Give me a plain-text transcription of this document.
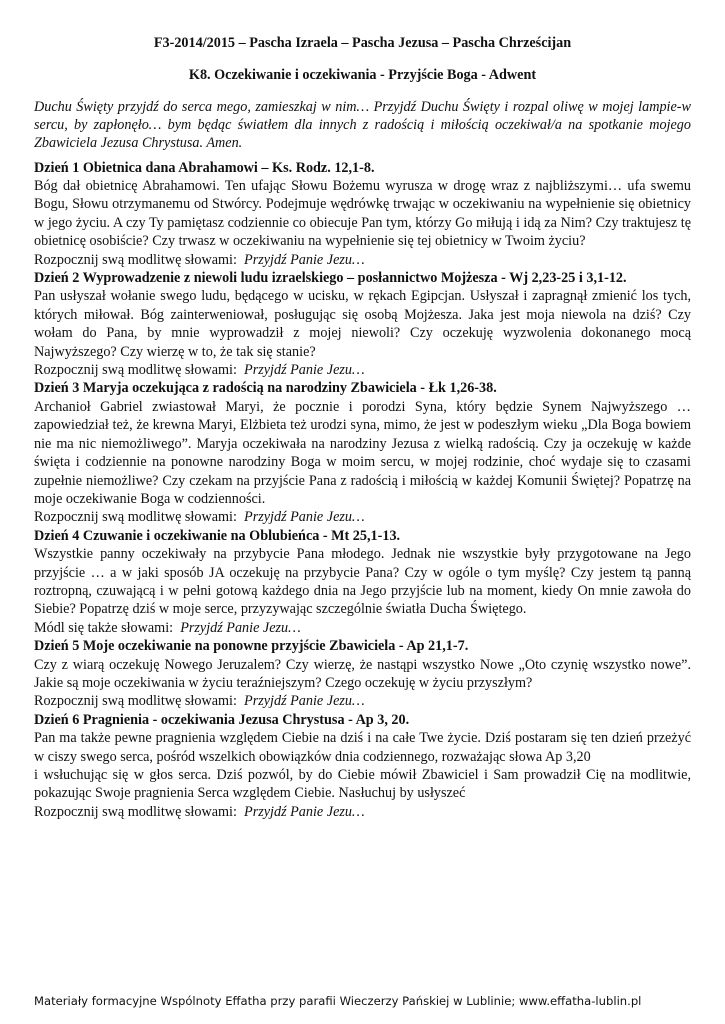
F3-2014/2015 – Pascha Izraela – Pascha Jezusa – Pascha Chrześcijan

K8. Oczekiwanie i oczekiwania - Przyjście Boga - Adwent

Duchu Święty przyjdź do serca mego, zamieszkaj w nim… Przyjdź Duchu Święty i rozpal oliwę w mojej lampie-w sercu, by zapłonęło… bym będąc światłem dla innych z radością i miłością oczekiwał/a na spotkanie mojego Zbawiciela Jezusa Chrystusa. Amen.

Dzień 1 Obietnica dana Abrahamowi – Ks. Rodz. 12,1-8.

Bóg dał obietnicę Abrahamowi. Ten ufając Słowu Bożemu wyruszа w drogę wraz z najbliższymi… ufa swemu Bogu, Słowu otrzymanemu od Stwórcy. Podejmuje wędrówkę trwając w oczekiwaniu na wypełnienie się obietnicy w jego życiu. A czy Ty pamiętasz codziennie co obiecuje Pan tym, którzy Go miłują i idą za Nim? Czy traktujesz tę obietnicę osobiście? Czy trwasz w oczekiwaniu na wypełnienie się tej obietnicy w Twoim życiu?

Rozpocznij swą modlitwę słowami: Przyjdź Panie Jezu…

Dzień 2 Wyprowadzenie z niewoli ludu izraelskiego – posłannictwo Mojżesza - Wj 2,23-25 i 3,1-12.

Pan usłyszał wołanie swego ludu, będącego w ucisku, w rękach Egipcjan. Usłyszał i zapragnął zmienić los tych, których miłował. Bóg zainterweniował, posługując się osobą Mojżesza. Jaka jest moja niewola na dziś? Czy wołam do Pana, by mnie wyprowadził z mojej niewoli? Czy oczekuję wyzwolenia dokonanego mocą Najwyższego? Czy wierzę w to, że tak się stanie?

Rozpocznij swą modlitwę słowami: Przyjdź Panie Jezu…

Dzień 3 Maryja oczekująca z radością na narodziny Zbawiciela - Łk 1,26-38.

Archanioł Gabriel zwiastował Maryi, że pocznie i porodzi Syna, który będzie Synem Najwyższego … zapowiedział też, że krewna Maryi, Elżbieta też urodzi syna, mimo, że jest w podeszłym wieku „Dla Boga bowiem nie ma nic niemożliwego”. Maryja oczekiwała na narodziny Jezusa z wielką radością. Czy ja oczekuję w każde święta i codziennie na ponowne narodziny Boga w moim sercu, w mojej rodzinie, choć wydaje się to czasami zupełnie niemożliwe? Czy czekam na przyjście Pana z radością i miłością w każdej Komunii Świętej? Popatrzę na moje oczekiwanie Boga w codzienności.

Rozpocznij swą modlitwę słowami: Przyjdź Panie Jezu…

Dzień 4 Czuwanie i oczekiwanie na Oblubieńca - Mt 25,1-13.

Wszystkie panny oczekiwały na przybycie Pana młodego. Jednak nie wszystkie były przygotowane na Jego przyjście … a w jaki sposób JA oczekuję na przybycie Pana? Czy w ogóle o tym myślę? Czy jestem tą panną roztropną, czuwającą i w pełni gotową każdego dnia na Jego przyjście lub na moment, kiedy On mnie zawoła do Siebie? Popatrzę dziś w moje serce, przyzywając szczególnie światła Ducha Świętego.

Módl się także słowami: Przyjdź Panie Jezu…

Dzień 5 Moje oczekiwanie na ponowne przyjście Zbawiciela - Ap 21,1-7.

Czy z wiarą oczekuję Nowego Jeruzalem? Czy wierzę, że nastąpi wszystko Nowe „Oto czynię wszystko nowe”. Jakie są moje oczekiwania w życiu teraźniejszym? Czego oczekuję w życiu przyszłym?

Rozpocznij swą modlitwę słowami: Przyjdź Panie Jezu…

Dzień 6 Pragnienia - oczekiwania Jezusa Chrystusa - Ap 3, 20.

Pan ma także pewne pragnienia względem Ciebie na dziś i na całe Twe życie. Dziś postaram się ten dzień przeżyć w ciszy swego serca, pośród wszelkich obowiązków dnia codziennego, rozważając słowa Ap 3,20

i wsłuchując się w głos serca. Dziś pozwól, by do Ciebie mówił Zbawiciel i Sam prowadził Cię na modlitwie, pokazując Swoje pragnienia Serca względem Ciebie. Nasłuchuj by usłyszeć

Rozpocznij swą modlitwę słowami: Przyjdź Panie Jezu…

Materiały formacyjne Wspólnoty Effatha przy parafii Wieczerzy Pańskiej w Lublinie; www.effatha-lublin.pl
